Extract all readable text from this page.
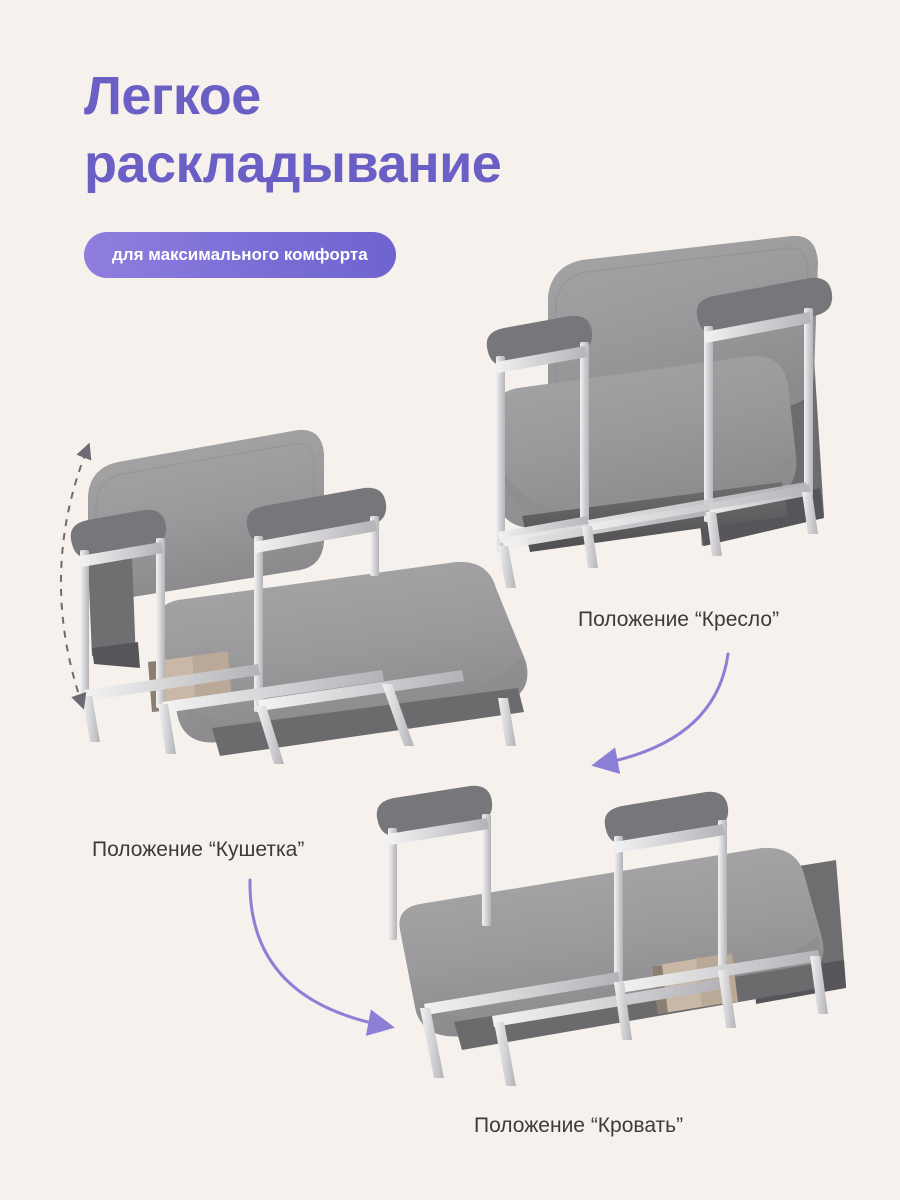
Легкое
раскладывание
для максимального комфорта
Положение “Кресло”
Положение “Кушетка”
Положение “Кровать”
